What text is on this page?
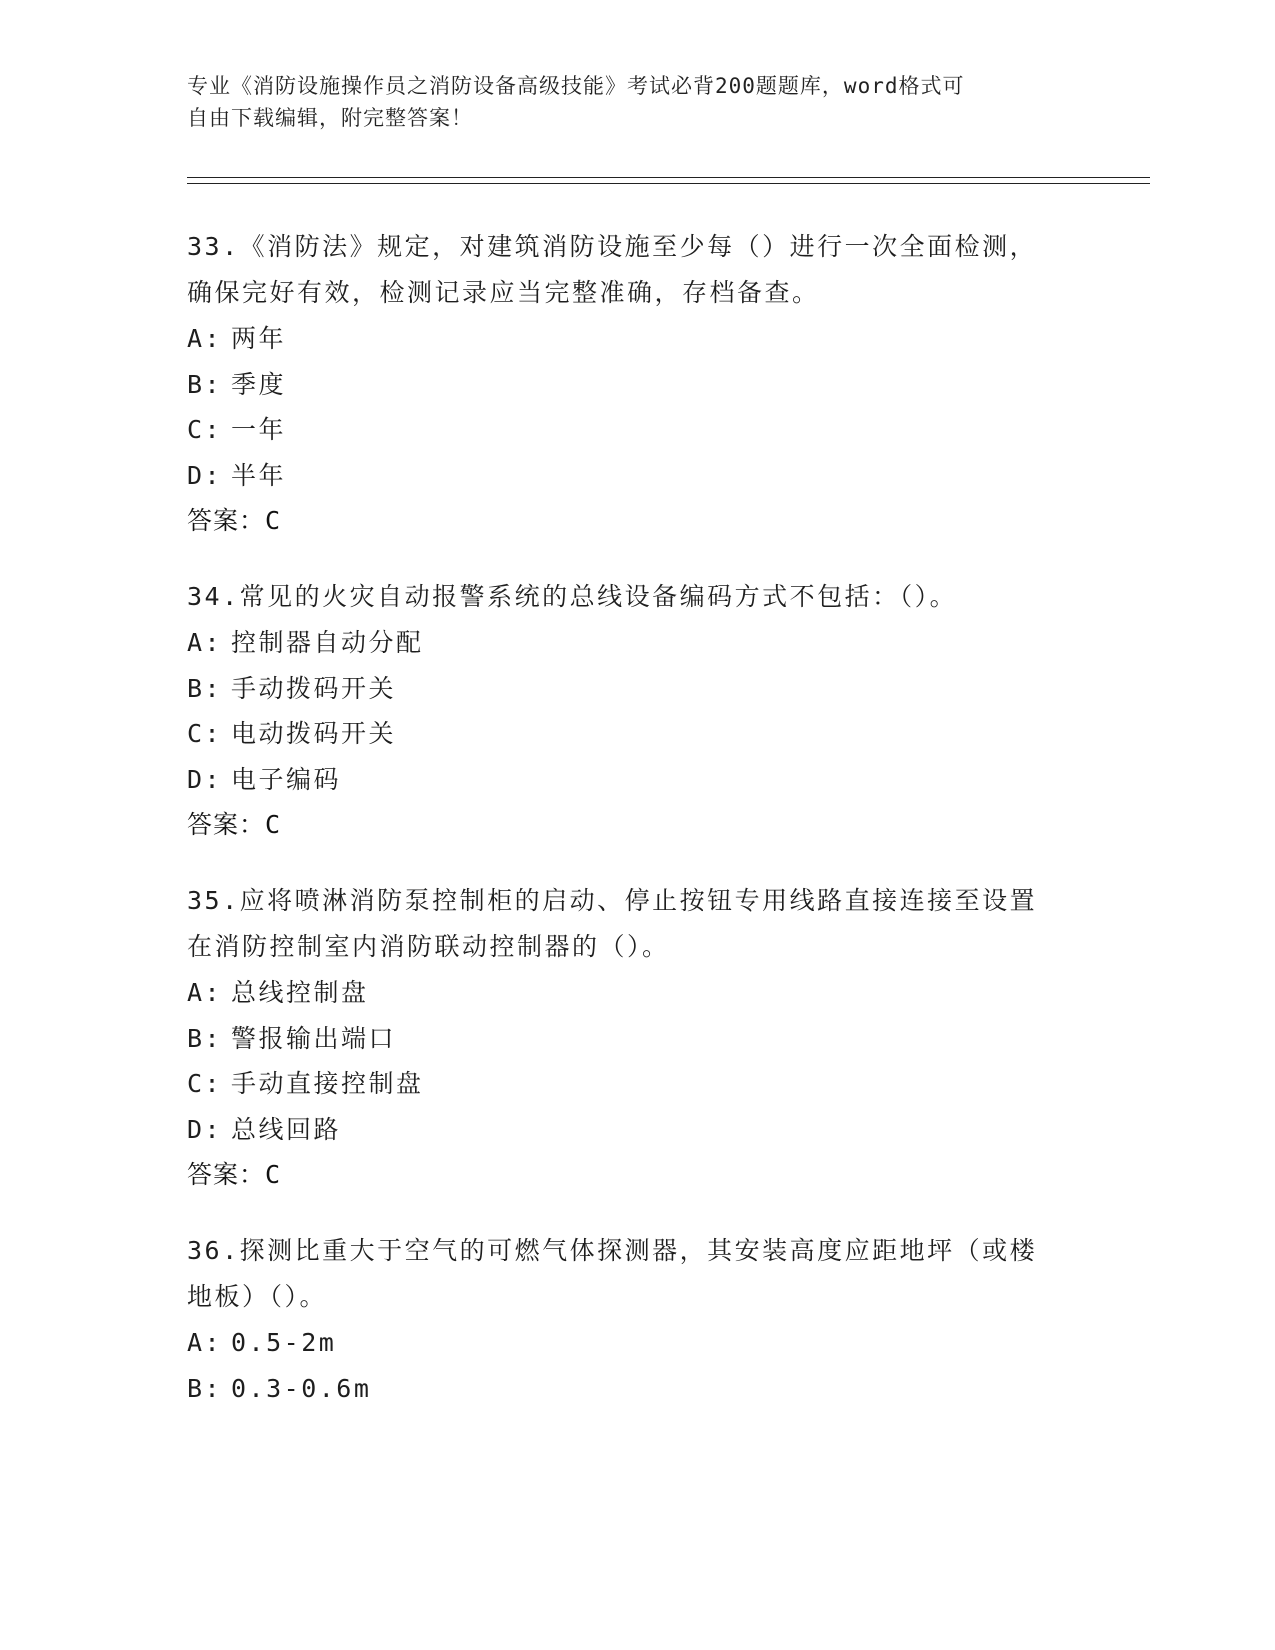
专业《消防设施操作员之消防设备高级技能》考试必背200题题库，word格式可
自由下载编辑，附完整答案！

33.《消防法》规定，对建筑消防设施至少每（）进行一次全面检测，

确保完好有效，检测记录应当完整准确，存档备查。

A: 两年

B: 季度

C: 一年

D: 半年

答案：C

34.常见的火灾自动报警系统的总线设备编码方式不包括：（）。

A: 控制器自动分配

B: 手动拨码开关

C: 电动拨码开关

D: 电子编码

答案：C

35.应将喷淋消防泵控制柜的启动、停止按钮专用线路直接连接至设置

在消防控制室内消防联动控制器的（）。

A: 总线控制盘

B: 警报输出端口

C: 手动直接控制盘

D: 总线回路

答案：C

36.探测比重大于空气的可燃气体探测器，其安装高度应距地坪（或楼

地板）（）。

A: 0.5-2m

B: 0.3-0.6m
